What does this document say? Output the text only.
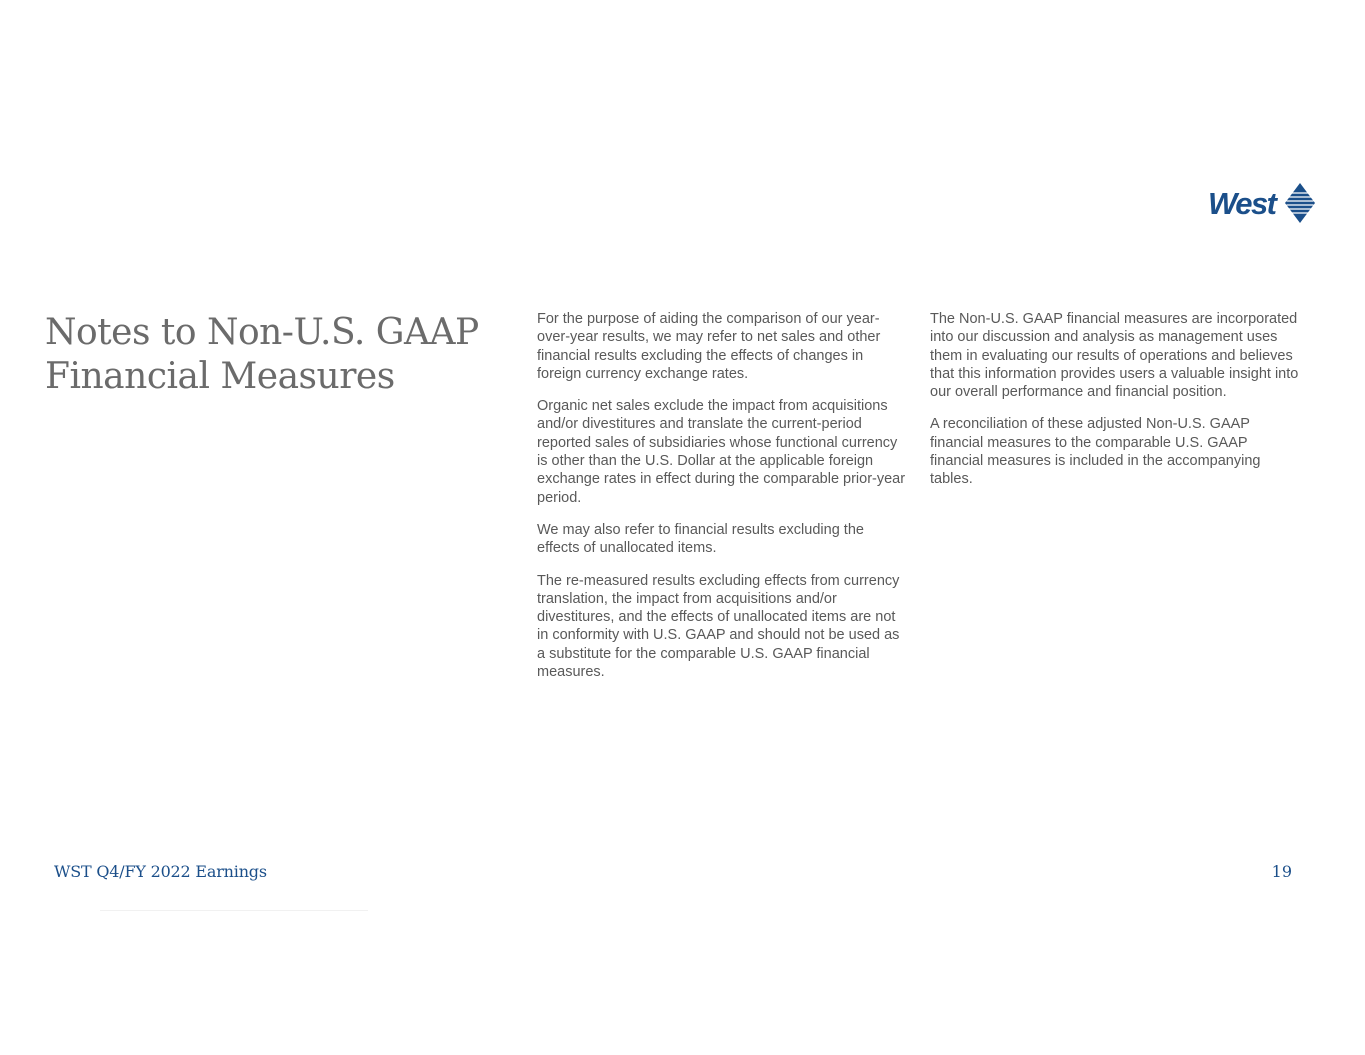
West
Notes to Non-U.S. GAAP
Financial Measures

For the purpose of aiding the comparison of our year-over-year results, we may refer to net sales and other financial results excluding the effects of changes in foreign currency exchange rates.

Organic net sales exclude the impact from acquisitions and/or divestitures and translate the current-period reported sales of subsidiaries whose functional currency is other than the U.S. Dollar at the applicable foreign exchange rates in effect during the comparable prior-year period.

We may also refer to financial results excluding the effects of unallocated items.

The re-measured results excluding effects from currency translation, the impact from acquisitions and/or divestitures, and the effects of unallocated items are not in conformity with U.S. GAAP and should not be used as a substitute for the comparable U.S. GAAP financial measures.

The Non-U.S. GAAP financial measures are incorporated into our discussion and analysis as management uses them in evaluating our results of operations and believes that this information provides users a valuable insight into our overall performance and financial position.

A reconciliation of these adjusted Non-U.S. GAAP financial measures to the comparable U.S. GAAP financial measures is included in the accompanying tables.

WST Q4/FY 2022 Earnings	19
